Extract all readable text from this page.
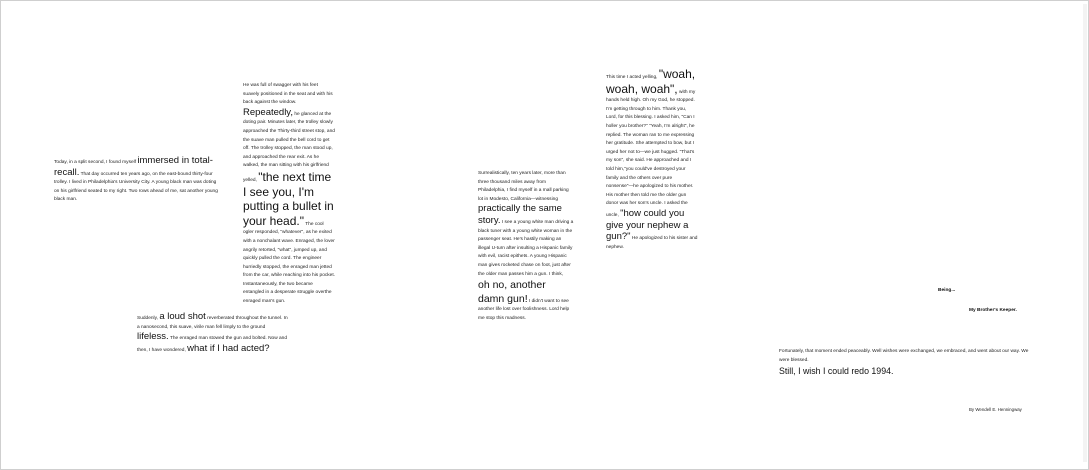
Today, in a split second, I found myself immersed in total-recall. That day occurred ten years ago, on the east-bound thirty-four trolley. I lived in Philadelphia's University City. A young black man was doting on his girlfriend seated to my right. Two rows ahead of me, sat another young black man.
He was full of swagger with his feet suavely positioned in the seat and with his back against the window. Repeatedly, he glanced at the doting pair. Minutes later, the trolley slowly approached the Thirty-third street stop, and the suave man pulled the bell cord to get off. The trolley stopped, the man stood up, and approached the rear exit. As he walked, the man sitting with his girlfriend yelled, "the next time I see you, I'm putting a bullet in your head." The cool ogler responded, "whatever", as he exited with a nonchalant wave. Enraged, the lover angrily retorted, "what", jumped up, and quickly pulled the cord. The engineer hurriedly stopped, the enraged man jetted from the car, while reaching into his pocket. Instantaneously, the two became entangled in a desperate struggle overthe enraged man's gun.
Suddenly, a loud shot reverberated throughout the tunnel. In a nanosecond, this suave, virile man fell limply to the ground lifeless. The enraged man stowed the gun and bolted. Now and then, I have wondered, what if I had acted?
Surrealistically, ten years later, more than three thousand miles away from Philadelphia, I find myself in a mall parking lot in Modesto, California—witnessing practically the same story. I see a young white man driving a black tuner with a young white woman in the passenger seat. He's hastily making an illegal U-turn after insulting a Hispanic family with evil, racist epithets. A young Hispanic man gives rocketed chase on foot, just after the older man passes him a gun. I think, oh no, another damn gun! I didn't want to see another life lost over foolishness. Lord help me stop this madness.
This time I acted yelling, "woah, woah, woah", with my hands held high. Oh my God, he stopped. I'm getting through to him. Thank you, Lord, for this blessing. I asked him, "Can I holler you brother?" "Yeah, I'm alright", he replied. The woman ran to me expressing her gratitude. She attempted to bow, but I urged her not to—we just hugged. "That's my son", she said. He approached and I told him,"you could've destroyed your family and the others over pure nonsense"—he apologized to his mother. His mother then told me the older gun donor was her son's uncle. I asked the uncle, "how could you give your nephew a gun?" He apologized to his sister and nephew.
Being...
My Brother's Keeper.
Fortunately, that moment ended peaceably. Well wishes were exchanged, we embraced, and went about our way. We were blessed.
Still, I wish I could redo 1994.
By Wendell E. Henningway
